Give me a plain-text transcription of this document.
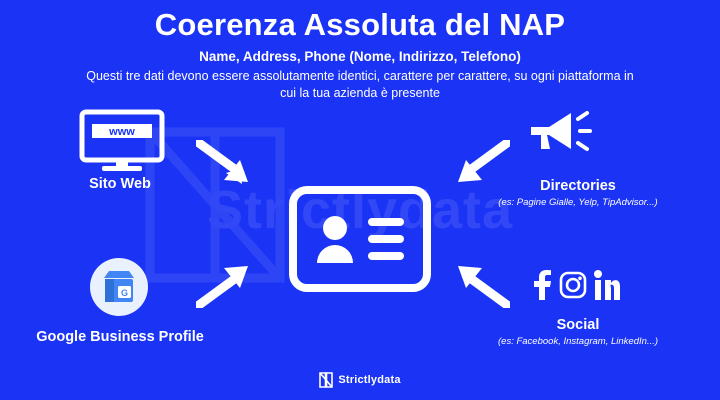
Strictlydata
Coerenza Assoluta del NAP
Name, Address, Phone (Nome, Indirizzo, Telefono)
Questi tre dati devono essere assolutamente identici, carattere per carattere, su ogni piattaforma in cui la tua azienda è presente
www
Sito Web
G
Google Business Profile
Directories
(es: Pagine Gialle, Yelp, TipAdvisor...)
Social
(es: Facebook, Instagram, LinkedIn...)
Strictlydata
